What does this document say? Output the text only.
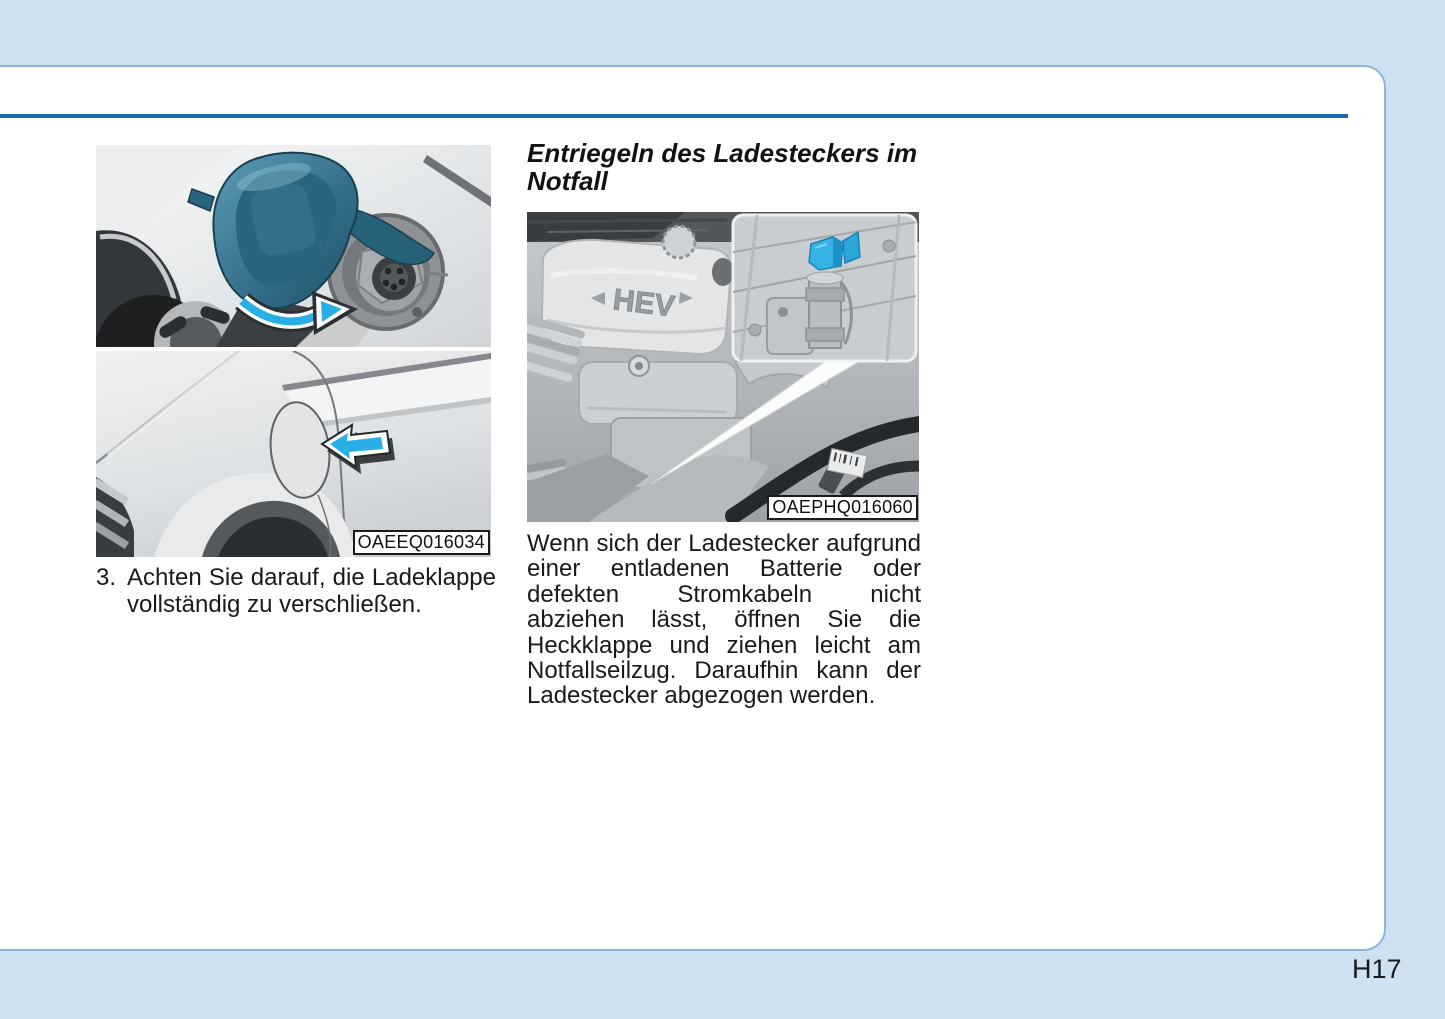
OAEEQ016034
3. Achten Sie darauf, die Ladeklappe vollständig zu verschließen.
Entriegeln des Ladesteckers im Notfall
HEV
OAEPHQ016060

Wenn sich der Ladestecker aufgrund einer entladenen Batterie oder defekten Stromkabeln nicht abziehen lässt, öffnen Sie die Heckklappe und ziehen leicht am Notfallseilzug. Daraufhin kann der Ladestecker abgezogen werden.

H17
